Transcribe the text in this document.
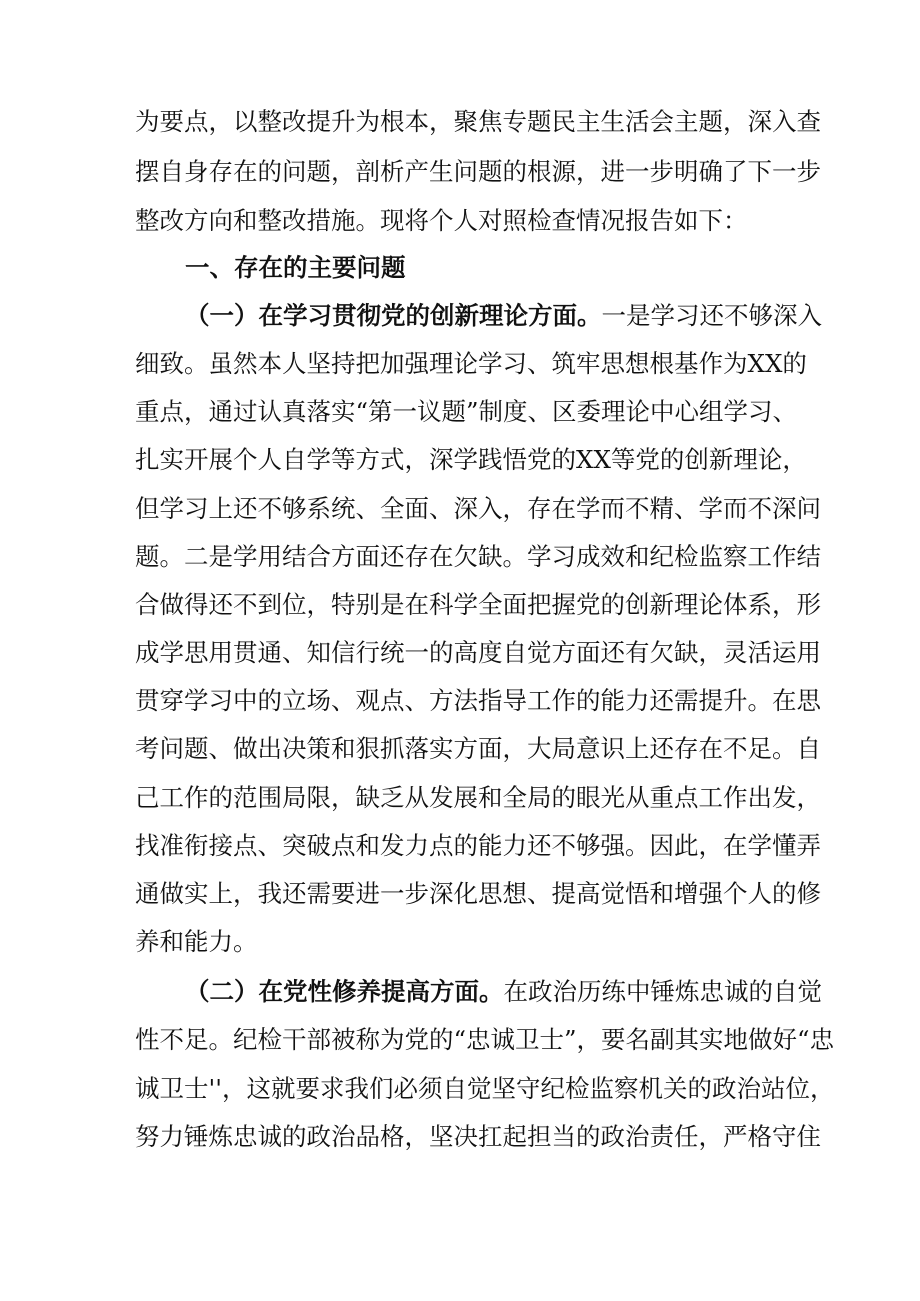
为要点，以整改提升为根本，聚焦专题民主生活会主题，深入查
摆自身存在的问题，剖析产生问题的根源，进一步明确了下一步
整改方向和整改措施。现将个人对照检查情况报告如下：
一、存在的主要问题
（一）在学习贯彻党的创新理论方面。一是学习还不够深入
细致。虽然本人坚持把加强理论学习、筑牢思想根基作为XX的
重点，通过认真落实“第一议题”制度、区委理论中心组学习、
扎实开展个人自学等方式，深学践悟党的XX等党的创新理论，
但学习上还不够系统、全面、深入，存在学而不精、学而不深问
题。二是学用结合方面还存在欠缺。学习成效和纪检监察工作结
合做得还不到位，特别是在科学全面把握党的创新理论体系，形
成学思用贯通、知信行统一的高度自觉方面还有欠缺，灵活运用
贯穿学习中的立场、观点、方法指导工作的能力还需提升。在思
考问题、做出决策和狠抓落实方面，大局意识上还存在不足。自
己工作的范围局限，缺乏从发展和全局的眼光从重点工作出发，
找准衔接点、突破点和发力点的能力还不够强。因此，在学懂弄
通做实上，我还需要进一步深化思想、提高觉悟和增强个人的修
养和能力。
（二）在党性修养提高方面。在政治历练中锤炼忠诚的自觉
性不足。纪检干部被称为党的“忠诚卫士”，要名副其实地做好“忠
诚卫士''，这就要求我们必须自觉坚守纪检监察机关的政治站位，
努力锤炼忠诚的政治品格，坚决扛起担当的政治责任，严格守住
